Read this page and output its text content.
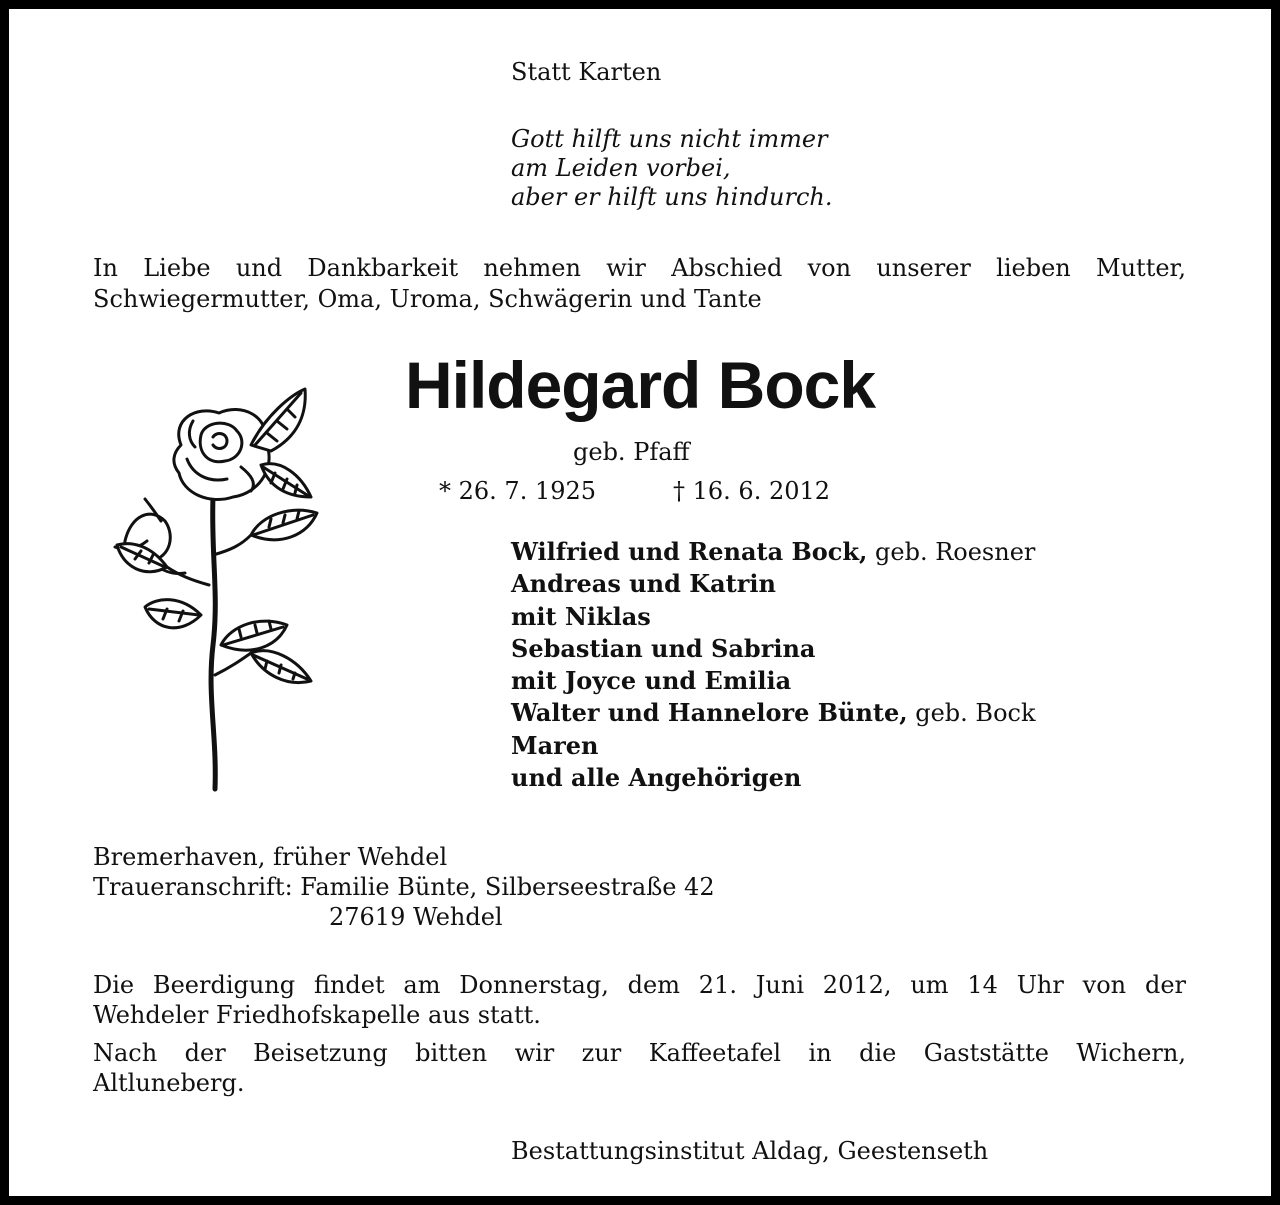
Statt Karten

Gott hilft uns nicht immer

am Leiden vorbei,

aber er hilft uns hindurch.

In Liebe und Dankbarkeit nehmen wir Abschied von unserer lieben Mutter,

Schwiegermutter, Oma, Uroma, Schwägerin und Tante

Hildegard Bock

geb. Pfaff

* 26. 7. 1925	† 16. 6. 2012

Wilfried und Renata Bock, geb. Roesner
Andreas und Katrin
mit Niklas
Sebastian und Sabrina
mit Joyce und Emilia
Walter und Hannelore Bünte, geb. Bock
Maren
und alle Angehörigen

Bremerhaven, früher Wehdel

Traueranschrift: Familie Bünte, Silberseestraße 42

27619 Wehdel

Die Beerdigung findet am Donnerstag, dem 21. Juni 2012, um 14 Uhr von der

Wehdeler Friedhofskapelle aus statt.

Nach der Beisetzung bitten wir zur Kaffeetafel in die Gaststätte Wichern,

Altluneberg.

Bestattungsinstitut Aldag, Geestenseth
